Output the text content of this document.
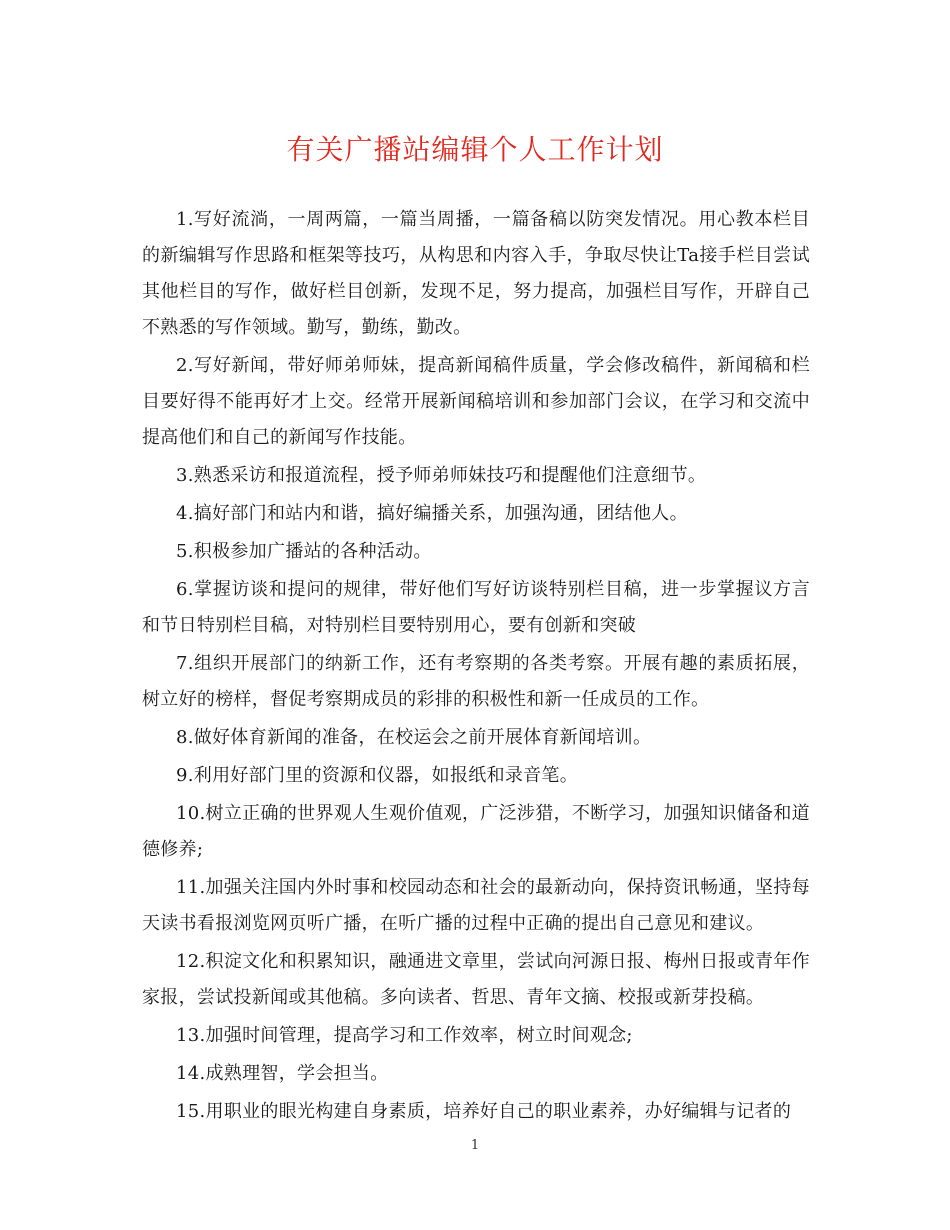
有关广播站编辑个人工作计划

1.写好流淌，一周两篇，一篇当周播，一篇备稿以防突发情况。用心教本栏目的新编辑写作思路和框架等技巧，从构思和内容入手，争取尽快让Ta接手栏目尝试其他栏目的写作，做好栏目创新，发现不足，努力提高，加强栏目写作，开辟自己不熟悉的写作领域。勤写，勤练，勤改。

2.写好新闻，带好师弟师妹，提高新闻稿件质量，学会修改稿件，新闻稿和栏目要好得不能再好才上交。经常开展新闻稿培训和参加部门会议，在学习和交流中提高他们和自己的新闻写作技能。

3.熟悉采访和报道流程，授予师弟师妹技巧和提醒他们注意细节。

4.搞好部门和站内和谐，搞好编播关系，加强沟通，团结他人。

5.积极参加广播站的各种活动。

6.掌握访谈和提问的规律，带好他们写好访谈特别栏目稿，进一步掌握议方言和节日特别栏目稿，对特别栏目要特别用心，要有创新和突破

7.组织开展部门的纳新工作，还有考察期的各类考察。开展有趣的素质拓展，树立好的榜样，督促考察期成员的彩排的积极性和新一任成员的工作。

8.做好体育新闻的准备，在校运会之前开展体育新闻培训。

9.利用好部门里的资源和仪器，如报纸和录音笔。

10.树立正确的世界观人生观价值观，广泛涉猎，不断学习，加强知识储备和道德修养;

11.加强关注国内外时事和校园动态和社会的最新动向，保持资讯畅通，坚持每天读书看报浏览网页听广播，在听广播的过程中正确的提出自己意见和建议。

12.积淀文化和积累知识，融通进文章里，尝试向河源日报、梅州日报或青年作家报，尝试投新闻或其他稿。多向读者、哲思、青年文摘、校报或新芽投稿。

13.加强时间管理，提高学习和工作效率，树立时间观念;

14.成熟理智，学会担当。

15.用职业的眼光构建自身素质，培养好自己的职业素养，办好编辑与记者的

1
